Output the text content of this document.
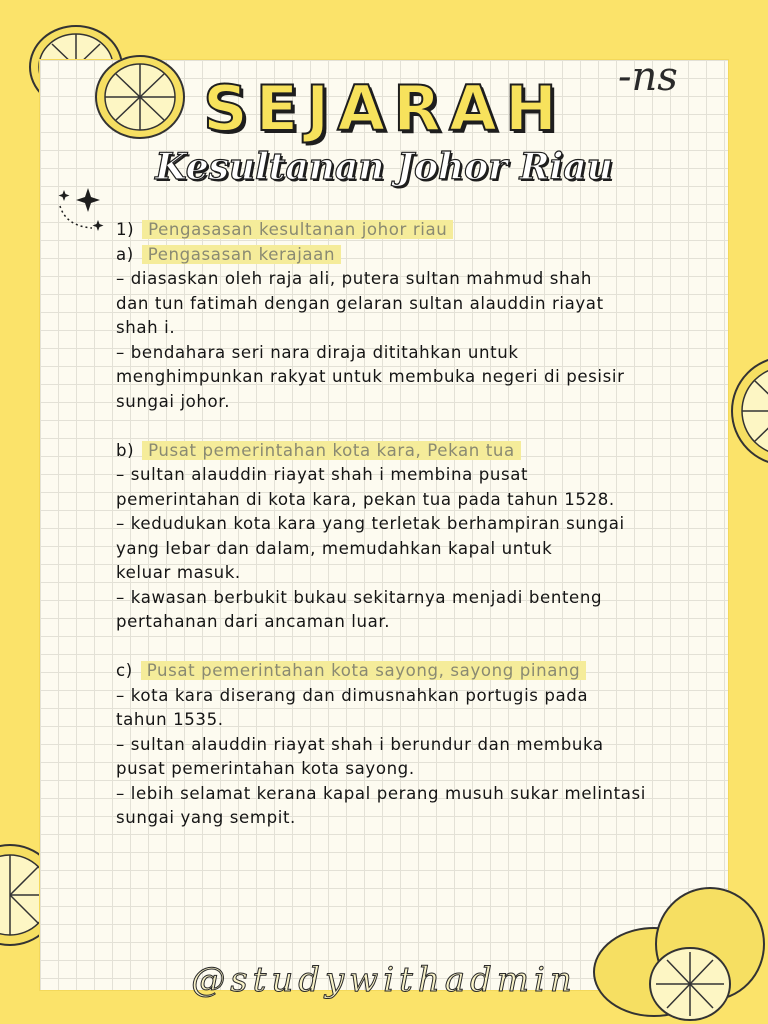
SEJARAH
Kesultanan Johor Riau
-ns
1) Pengasasan kesultanan johor riau
a) Pengasasan kerajaan
– diasaskan oleh raja ali, putera sultan mahmud shah
dan tun fatimah dengan gelaran sultan alauddin riayat
shah i.
– bendahara seri nara diraja dititahkan untuk
menghimpunkan rakyat untuk membuka negeri di pesisir
sungai johor.
b) Pusat pemerintahan kota kara, Pekan tua
– sultan alauddin riayat shah i membina pusat
pemerintahan di kota kara, pekan tua pada tahun 1528.
– kedudukan kota kara yang terletak berhampiran sungai
yang lebar dan dalam, memudahkan kapal untuk
keluar masuk.
– kawasan berbukit bukau sekitarnya menjadi benteng
pertahanan dari ancaman luar.
c) Pusat pemerintahan kota sayong, sayong pinang
– kota kara diserang dan dimusnahkan portugis pada
tahun 1535.
– sultan alauddin riayat shah i berundur dan membuka
pusat pemerintahan kota sayong.
– lebih selamat kerana kapal perang musuh sukar melintasi
sungai yang sempit.
@studywithadmin
